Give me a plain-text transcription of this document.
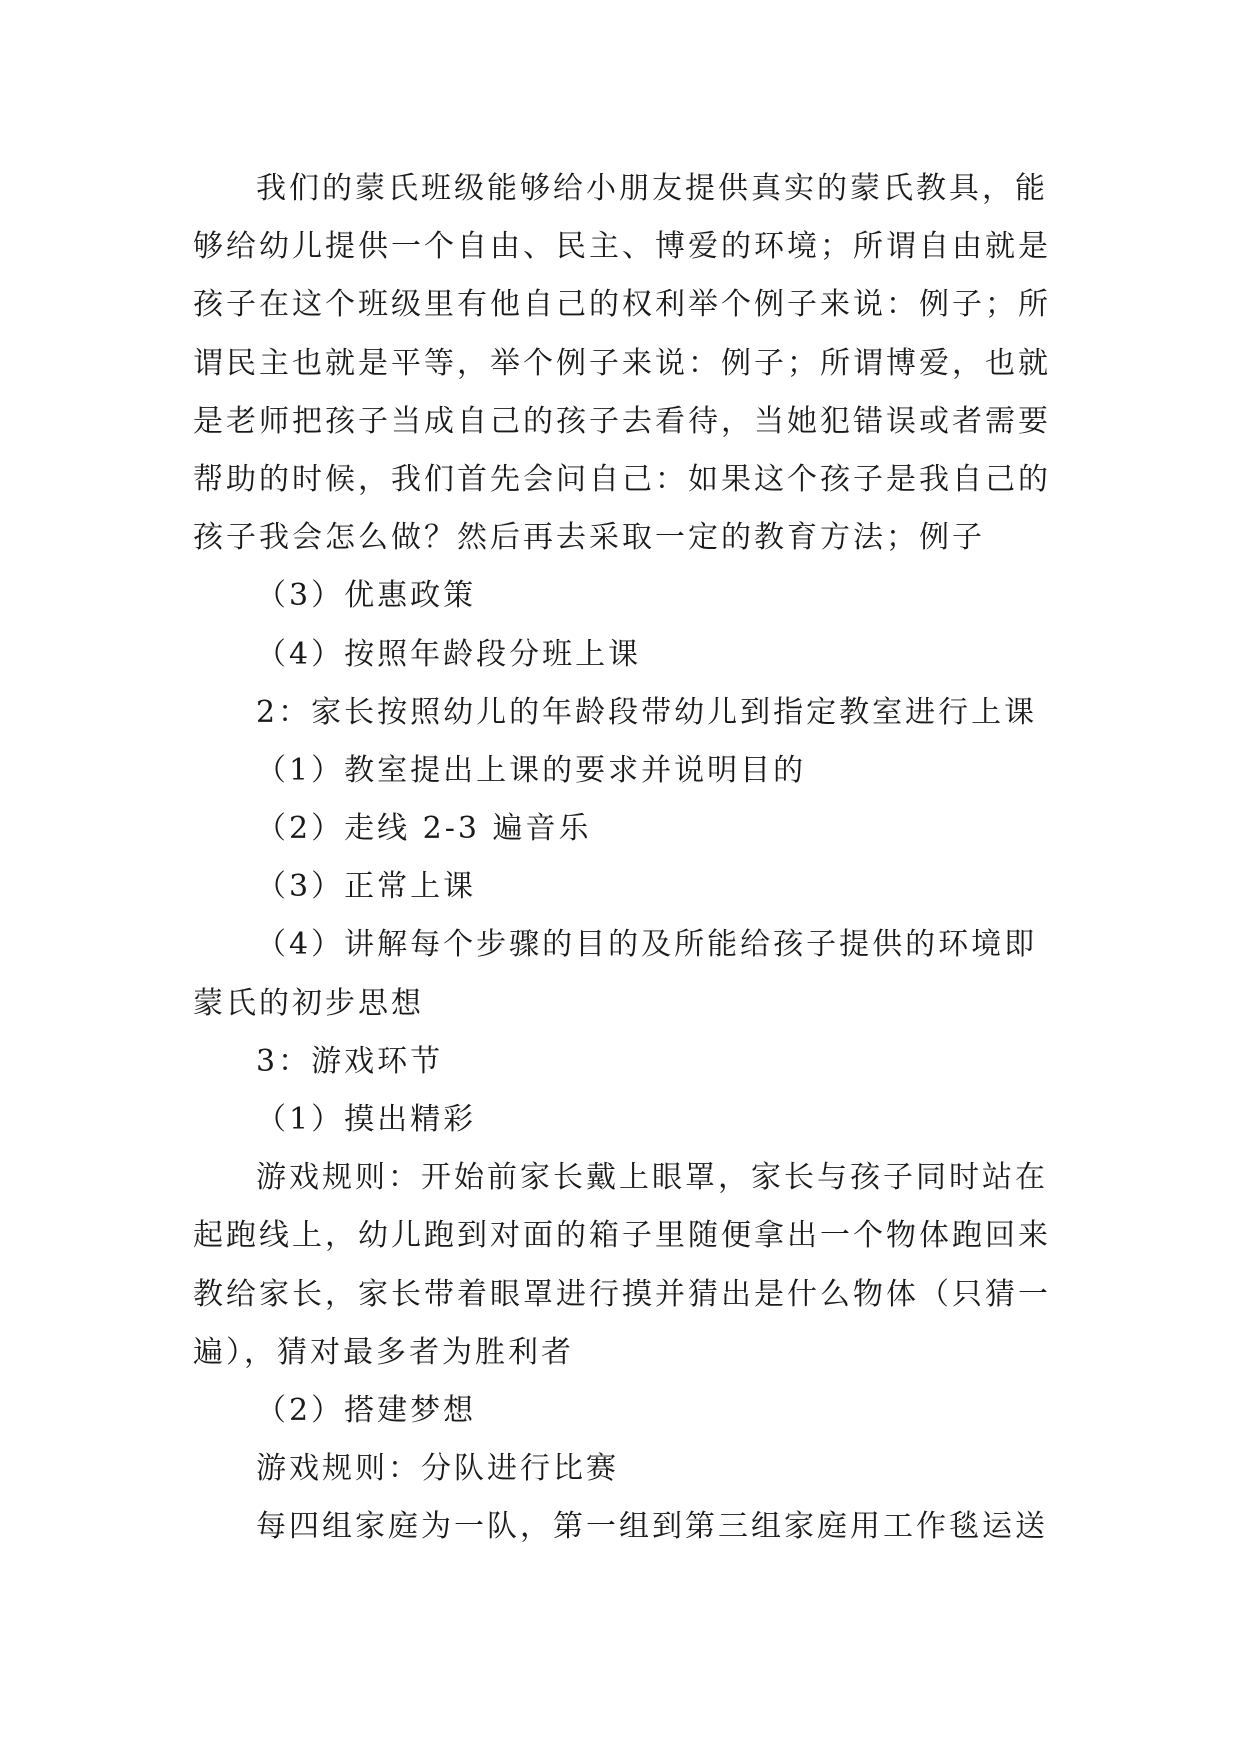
我们的蒙氏班级能够给小朋友提供真实的蒙氏教具，能

够给幼儿提供一个自由、民主、博爱的环境；所谓自由就是

孩子在这个班级里有他自己的权利举个例子来说：例子；所

谓民主也就是平等，举个例子来说：例子；所谓博爱，也就

是老师把孩子当成自己的孩子去看待，当她犯错误或者需要

帮助的时候，我们首先会问自己：如果这个孩子是我自己的

孩子我会怎么做？然后再去采取一定的教育方法；例子

（3）优惠政策

（4）按照年龄段分班上课

2：家长按照幼儿的年龄段带幼儿到指定教室进行上课

（1）教室提出上课的要求并说明目的

（2）走线 2-3 遍音乐

（3）正常上课

（4）讲解每个步骤的目的及所能给孩子提供的环境即

蒙氏的初步思想

3：游戏环节

（1）摸出精彩

游戏规则：开始前家长戴上眼罩，家长与孩子同时站在

起跑线上，幼儿跑到对面的箱子里随便拿出一个物体跑回来

教给家长，家长带着眼罩进行摸并猜出是什么物体（只猜一

遍），猜对最多者为胜利者

（2）搭建梦想

游戏规则：分队进行比赛

每四组家庭为一队，第一组到第三组家庭用工作毯运送
